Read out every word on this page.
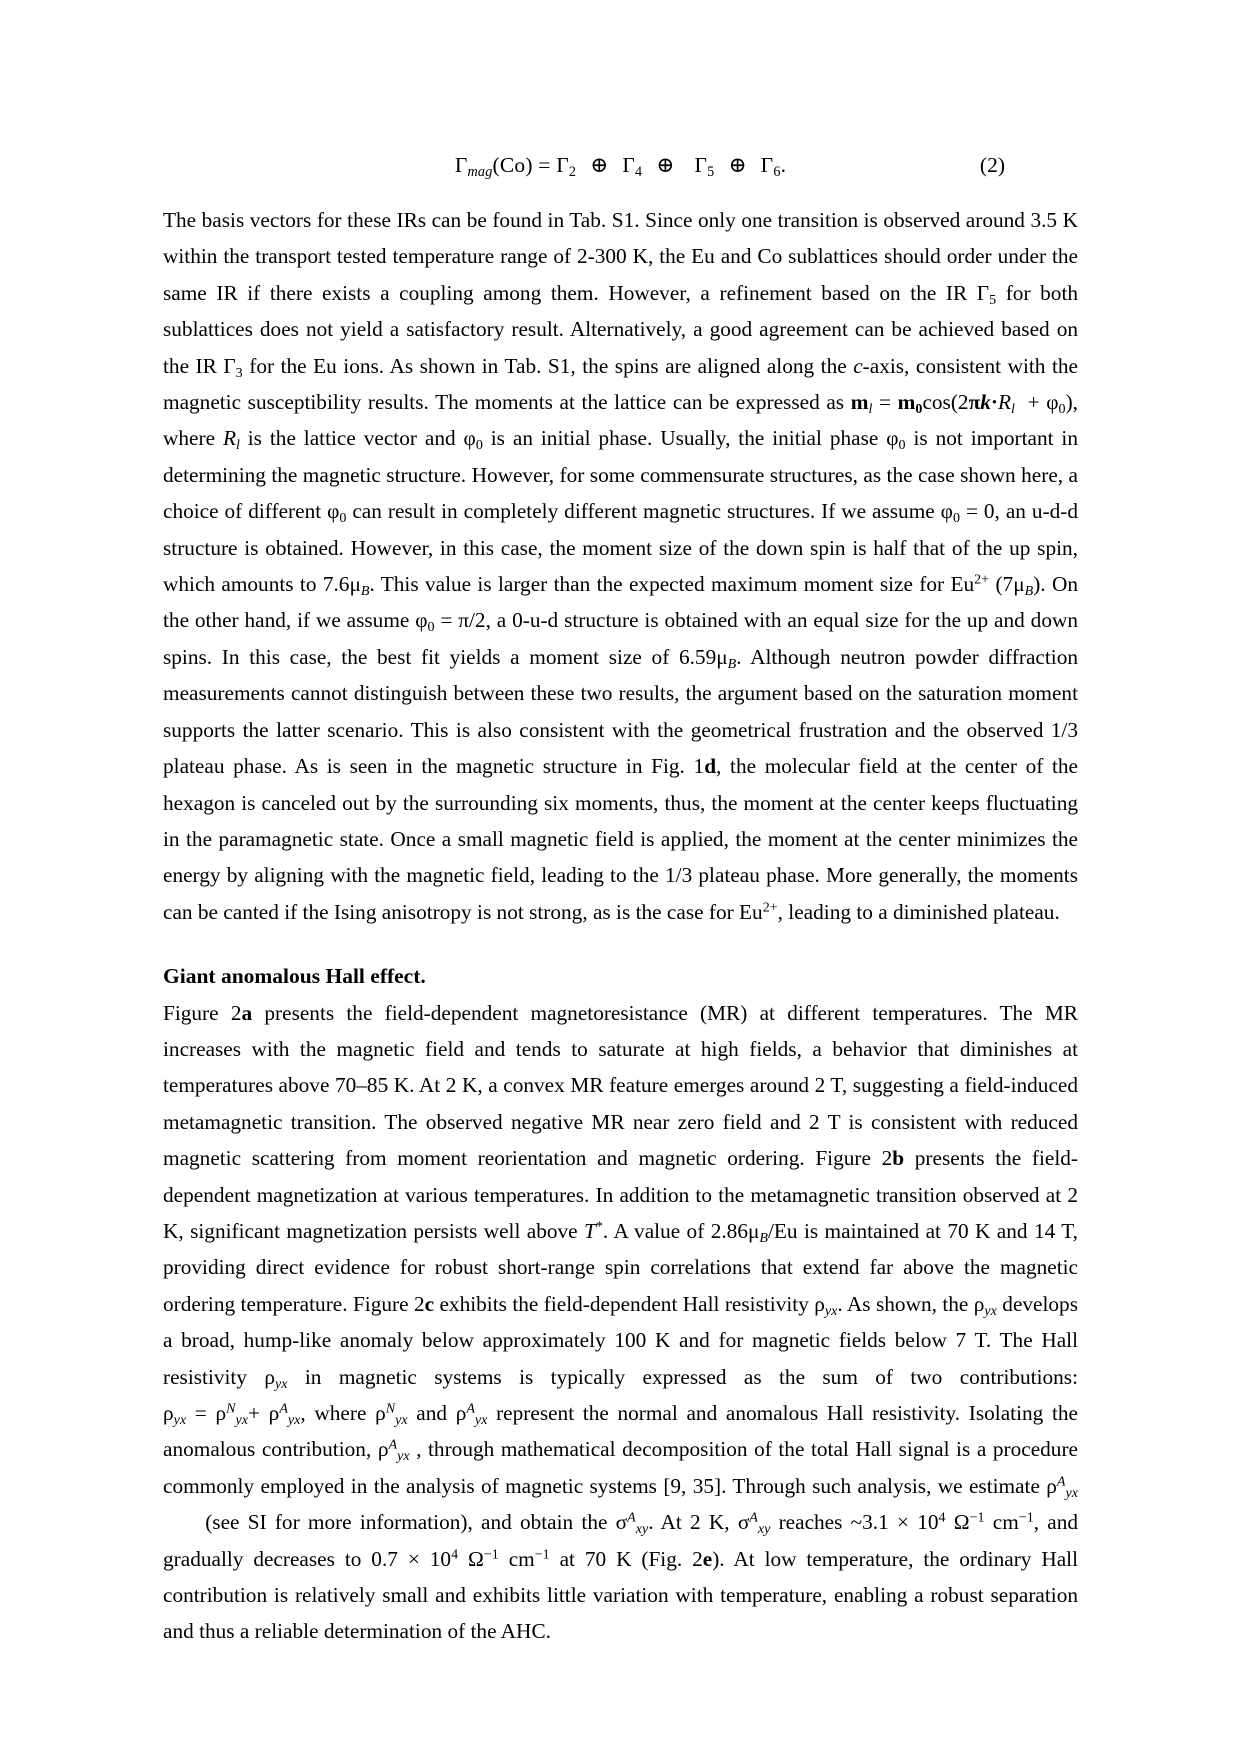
$\Gamma_{mag}(Co) = \Gamma_2$ ⊕ $\Gamma_4$ ⊕ $\Gamma_5$ ⊕ $\Gamma_6$.	(2)

The basis vectors for these IRs can be found in Tab. S1. Since only one transition is observed around 3.5 K within the transport tested temperature range of 2-300 K, the Eu and Co sublattices should order under the same IR if there exists a coupling among them. However, a refinement based on the IR $\Gamma_5$ for both sublattices does not yield a satisfactory result. Alternatively, a good agreement can be achieved based on the IR $\Gamma_3$ for the Eu ions. As shown in Tab. S1, the spins are aligned along the c-axis, consistent with the magnetic susceptibility results. The moments at the lattice can be expressed as $m_l = m_0\cos(2\pi k\cdot R_l + \varphi_0)$, where $R_l$ is the lattice vector and $\varphi_0$ is an initial phase. Usually, the initial phase $\varphi_0$ is not important in determining the magnetic structure. However, for some commensurate structures, as the case shown here, a choice of different $\varphi_0$ can result in completely different magnetic structures. If we assume $\varphi_0 = 0$, an u-d-d structure is obtained. However, in this case, the moment size of the down spin is half that of the up spin, which amounts to $7.6\mu_B$. This value is larger than the expected maximum moment size for $Eu^{2+}$ $(7\mu_B)$. On the other hand, if we assume $\varphi_0 = \pi/2$, a 0-u-d structure is obtained with an equal size for the up and down spins. In this case, the best fit yields a moment size of $6.59\mu_B$. Although neutron powder diffraction measurements cannot distinguish between these two results, the argument based on the saturation moment supports the latter scenario. This is also consistent with the geometrical frustration and the observed 1/3 plateau phase. As is seen in the magnetic structure in Fig. 1d, the molecular field at the center of the hexagon is canceled out by the surrounding six moments, thus, the moment at the center keeps fluctuating in the paramagnetic state. Once a small magnetic field is applied, the moment at the center minimizes the energy by aligning with the magnetic field, leading to the 1/3 plateau phase. More generally, the moments can be canted if the Ising anisotropy is not strong, as is the case for $Eu^{2+}$, leading to a diminished plateau.

Giant anomalous Hall effect.

Figure 2a presents the field-dependent magnetoresistance (MR) at different temperatures. The MR increases with the magnetic field and tends to saturate at high fields, a behavior that diminishes at temperatures above 70–85 K. At 2 K, a convex MR feature emerges around 2 T, suggesting a field-induced metamagnetic transition. The observed negative MR near zero field and 2 T is consistent with reduced magnetic scattering from moment reorientation and magnetic ordering. Figure 2b presents the field-dependent magnetization at various temperatures. In addition to the metamagnetic transition observed at 2 K, significant magnetization persists well above T*. A value of $2.86\mu_B/Eu$ is maintained at 70 K and 14 T, providing direct evidence for robust short-range spin correlations that extend far above the magnetic ordering temperature. Figure 2c exhibits the field-dependent Hall resistivity $\rho_{yx}$. As shown, the $\rho_{yx}$ develops a broad, hump-like anomaly below approximately 100 K and for magnetic fields below 7 T. The Hall resistivity $\rho_{yx}$ in magnetic systems is typically expressed as the sum of two contributions: $\rho_{yx} = \rho^N_{yx}+ \rho^A_{yx}$, where $\rho^N_{yx}$ and $\rho^A_{yx}$ represent the normal and anomalous Hall resistivity. Isolating the anomalous contribution, $\rho^A_{yx}$ , through mathematical decomposition of the total Hall signal is a procedure commonly employed in the analysis of magnetic systems [9, 35]. Through such analysis, we estimate $\rho^A_{yx}$ (see SI for more information), and obtain the $\sigma^A_{xy}$. At 2 K, $\sigma^A_{xy}$ reaches ~3.1 × $10^4$ $\Omega^{-1}$ $cm^{-1}$, and gradually decreases to $0.7 \times 10^4$ $\Omega^{-1}$ $cm^{-1}$ at 70 K (Fig. 2e). At low temperature, the ordinary Hall contribution is relatively small and exhibits little variation with temperature, enabling a robust separation and thus a reliable determination of the AHC.
